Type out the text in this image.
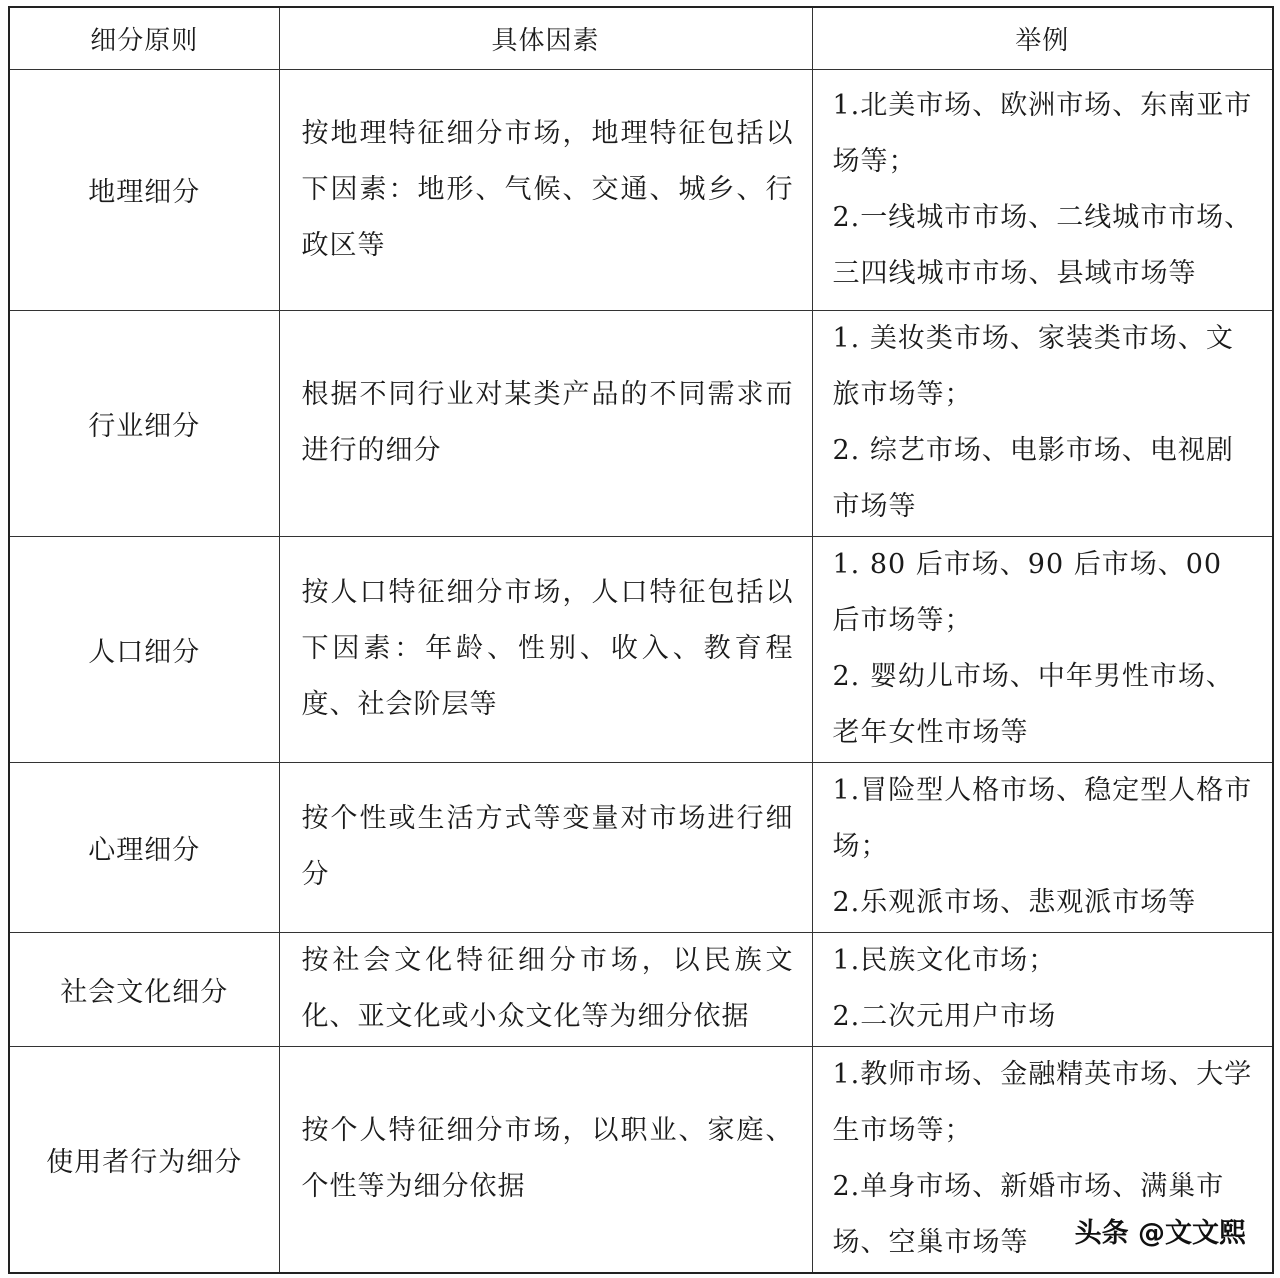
细分原则	具体因素	举例
地理细分	按地理特征细分市场，地理特征包括以下因素：地形、气候、交通、城乡、行政区等	1.北美市场、欧洲市场、东南亚市场等；
2.一线城市市场、二线城市市场、三四线城市市场、县域市场等

行业细分	根据不同行业对某类产品的不同需求而进行的细分	1. 美妆类市场、家装类市场、文旅市场等；
2. 综艺市场、电影市场、电视剧市场等

人口细分	按人口特征细分市场，人口特征包括以下因素：年龄、性别、收入、教育程度、社会阶层等	1. 80 后市场、90 后市场、00 后市场等；
2. 婴幼儿市场、中年男性市场、老年女性市场等

心理细分	按个性或生活方式等变量对市场进行细分	1.冒险型人格市场、稳定型人格市场；
2.乐观派市场、悲观派市场等

社会文化细分	按社会文化特征细分市场，以民族文化、亚文化或小众文化等为细分依据	1.民族文化市场；
2.二次元用户市场

使用者行为细分	按个人特征细分市场，以职业、家庭、个性等为细分依据	1.教师市场、金融精英市场、大学生市场等；
2.单身市场、新婚市场、满巢市场、空巢市场等	头条 @文文熙
